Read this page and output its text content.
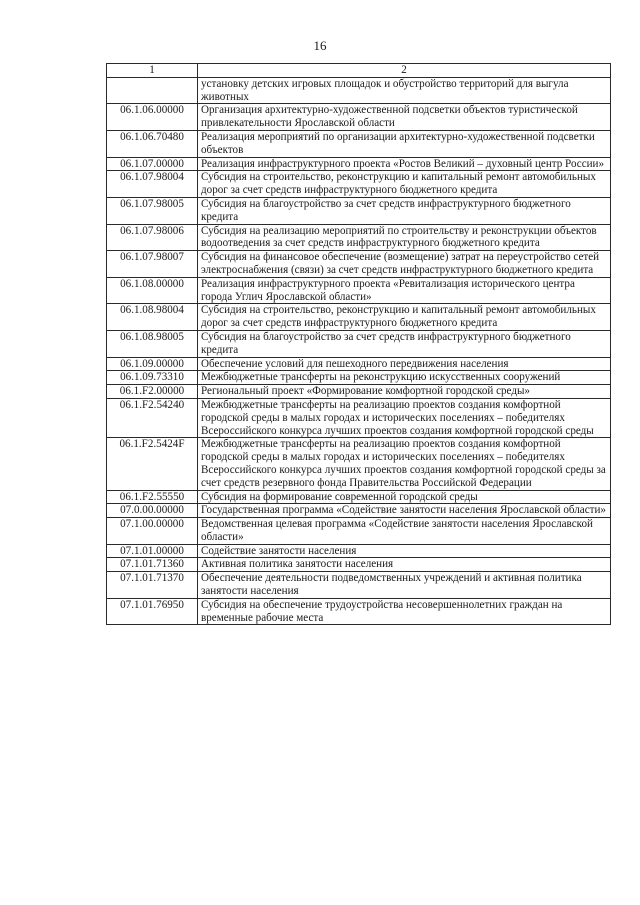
16
1	2
	установку детских игровых площадок и обустройство территорий для выгула животных
06.1.06.00000	Организация архитектурно-художественной подсветки объектов туристической привлекательности Ярославской области
06.1.06.70480	Реализация мероприятий по организации архитектурно-художественной подсветки объектов
06.1.07.00000	Реализация инфраструктурного проекта «Ростов Великий – духовный центр России»
06.1.07.98004	Субсидия на строительство, реконструкцию и капитальный ремонт автомобильных дорог за счет средств инфраструктурного бюджетного кредита
06.1.07.98005	Субсидия на благоустройство за счет средств инфраструктурного бюджетного кредита
06.1.07.98006	Субсидия на реализацию мероприятий по строительству и реконструкции объектов водоотведения за счет средств инфраструктурного бюджетного кредита
06.1.07.98007	Субсидия на финансовое обеспечение (возмещение) затрат на переустройство сетей электроснабжения (связи) за счет средств инфраструктурного бюджетного кредита
06.1.08.00000	Реализация инфраструктурного проекта «Ревитализация исторического центра города Углич Ярославской области»
06.1.08.98004	Субсидия на строительство, реконструкцию и капитальный ремонт автомобильных дорог за счет средств инфраструктурного бюджетного кредита
06.1.08.98005	Субсидия на благоустройство за счет средств инфраструктурного бюджетного кредита
06.1.09.00000	Обеспечение условий для пешеходного передвижения населения
06.1.09.73310	Межбюджетные трансферты на реконструкцию искусственных сооружений
06.1.F2.00000	Региональный проект «Формирование комфортной городской среды»
06.1.F2.54240	Межбюджетные трансферты на реализацию проектов создания комфортной городской среды в малых городах и исторических поселениях – победителях Всероссийского конкурса лучших проектов создания комфортной городской среды
06.1.F2.5424F	Межбюджетные трансферты на реализацию проектов создания комфортной городской среды в малых городах и исторических поселениях – победителях Всероссийского конкурса лучших проектов создания комфортной городской среды за счет средств резервного фонда Правительства Российской Федерации
06.1.F2.55550	Субсидия на формирование современной городской среды
07.0.00.00000	Государственная программа «Содействие занятости населения Ярославской области»
07.1.00.00000	Ведомственная целевая программа «Содействие занятости населения Ярославской области»
07.1.01.00000	Содействие занятости населения
07.1.01.71360	Активная политика занятости населения
07.1.01.71370	Обеспечение деятельности подведомственных учреждений и активная политика занятости населения
07.1.01.76950	Субсидия на обеспечение трудоустройства несовершеннолетних граждан на временные рабочие места
